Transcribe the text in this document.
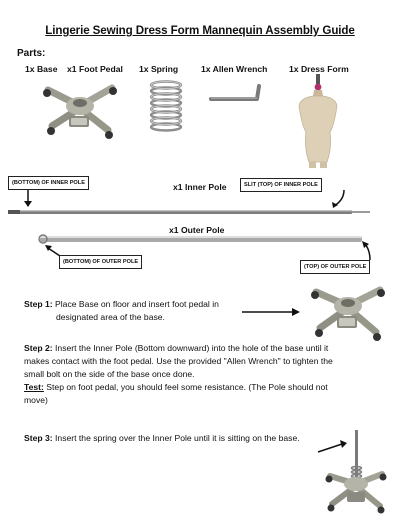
Lingerie Sewing Dress Form Mannequin Assembly Guide
Parts:
1x Base x1 Foot Pedal 1x Spring	1x Allen Wrench	1x Dress Form
(BOTTOM) OF INNER POLE	x1 Inner Pole	SLIT (TOP) OF INNER POLE
x1 Outer Pole
(BOTTOM) OF OUTER POLE
(TOP) OF OUTER POLE
Step 1: Place Base on floor and insert foot pedal in
designated area of the base.
Step 2: Insert the Inner Pole (Bottom downward) into the hole of the base until it
makes contact with the foot pedal. Use the provided "Allen Wrench" to tighten the
small bolt on the side of the base once done.
Test: Step on foot pedal, you should feel some resistance. (The Pole should not
move)
Step 3: Insert the spring over the Inner Pole until it is sitting on the base.
